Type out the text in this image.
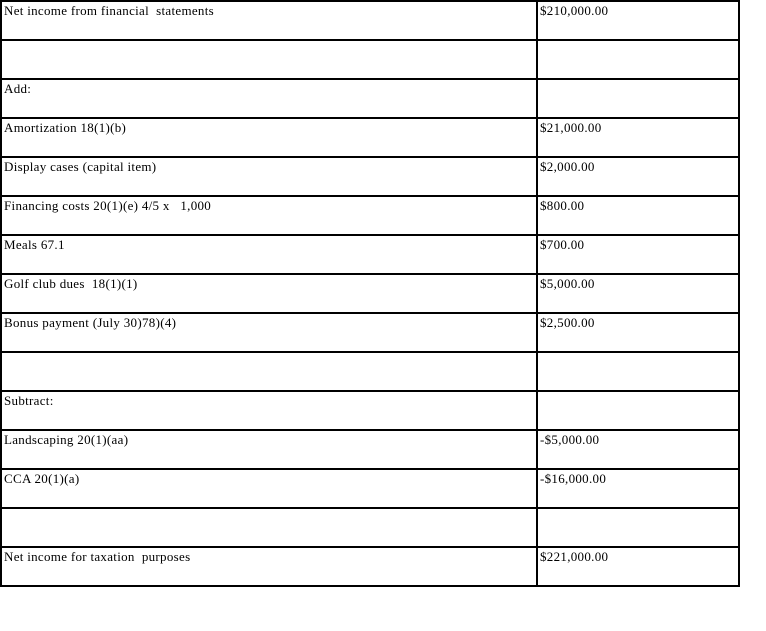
Net income from financial  statements	$210,000.00

Add:	
Amortization 18(1)(b)	$21,000.00
Display cases (capital item)	$2,000.00
Financing costs 20(1)(e) 4/5 x   1,000	$800.00
Meals 67.1	$700.00
Golf club dues  18(1)(1)	$5,000.00
Bonus payment (July 30)78)(4)	$2,500.00

Subtract:	
Landscaping 20(1)(aa)	-$5,000.00
CCA 20(1)(a)	-$16,000.00

Net income for taxation  purposes	$221,000.00
